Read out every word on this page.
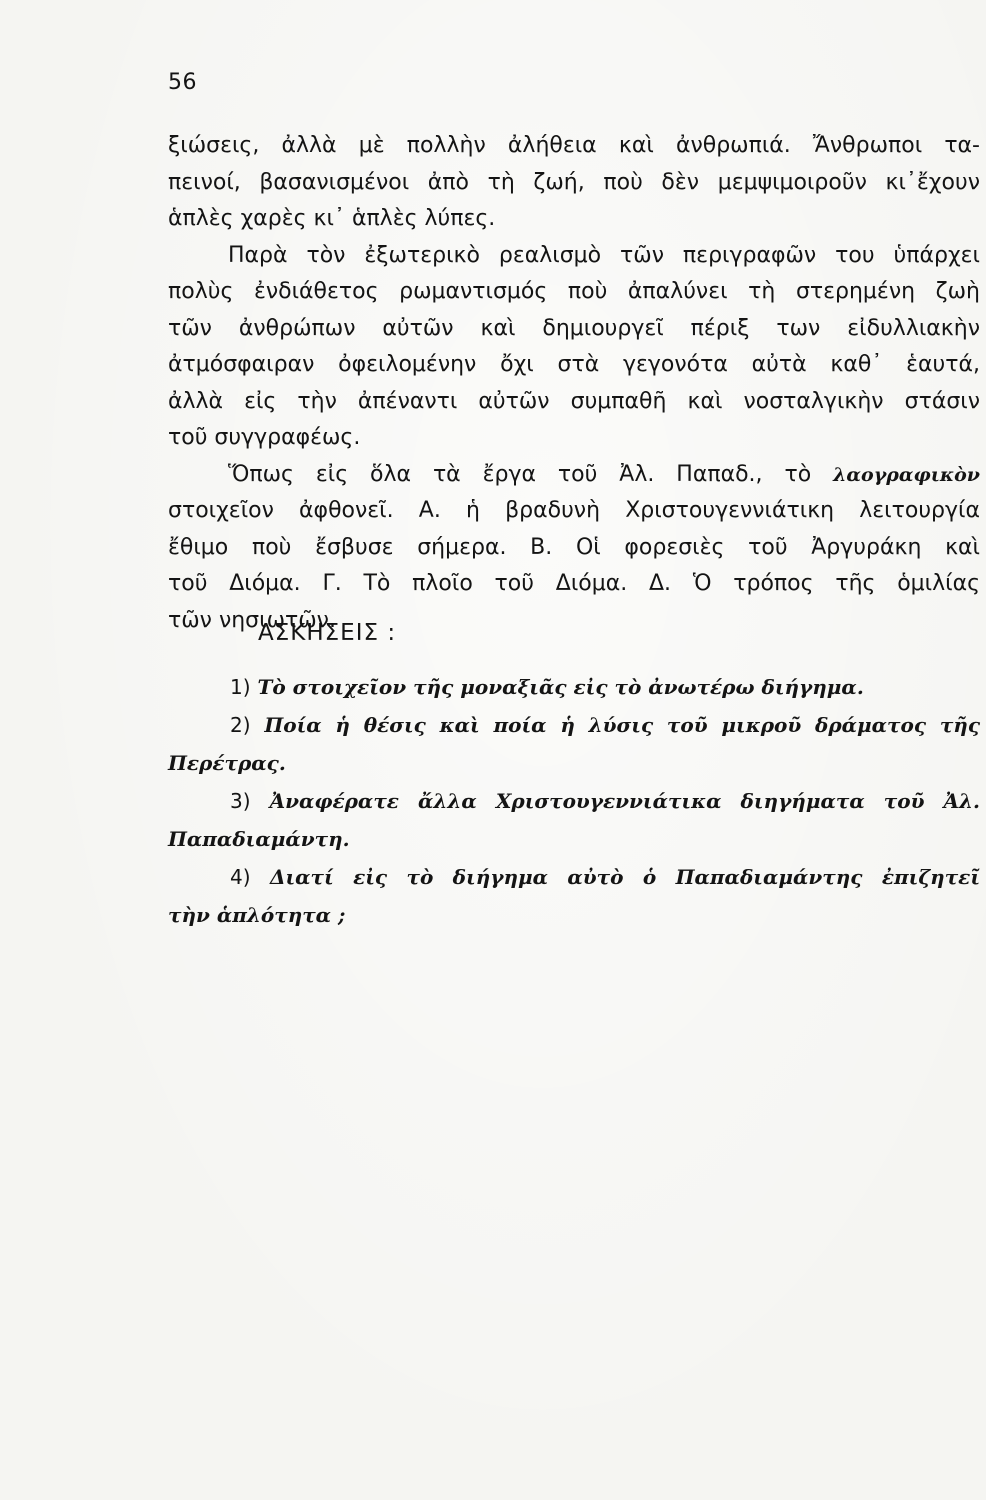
56
ξιώσεις, ἀλλὰ μὲ πολλὴν ἀλήθεια καὶ ἀνθρωπιά. Ἄνθρωποι τα-
πεινοί, βασανισμένοι ἀπὸ τὴ ζωή, ποὺ δὲν μεμψιμοιροῦν κι᾽ἔχουν
ἁπλὲς χαρὲς κι᾽ ἁπλὲς λύπες.
Παρὰ τὸν ἐξωτερικὸ ρεαλισμὸ τῶν περιγραφῶν του ὑπάρχει
πολὺς ἐνδιάθετος ρωμαντισμός ποὺ ἀπαλύνει τὴ στερημένη ζωὴ
τῶν ἀνθρώπων αὐτῶν καὶ δημιουργεῖ πέριξ των εἰδυλλιακὴν
ἀτμόσφαιραν ὀφειλομένην ὄχι στὰ γεγονότα αὐτὰ καθ᾽ ἑαυτά,
ἀλλὰ εἰς τὴν ἀπέναντι αὐτῶν συμπαθῆ καὶ νοσταλγικὴν στάσιν
τοῦ συγγραφέως.
Ὅπως εἰς ὅλα τὰ ἔργα τοῦ Ἀλ. Παπαδ., τὸ λαογραφικὸν
στοιχεῖον ἀφθονεῖ. Α. ἡ βραδυνὴ Χριστουγεννιάτικη λειτουργία
ἔθιμο ποὺ ἔσβυσε σήμερα. Β. Οἱ φορεσιὲς τοῦ Ἀργυράκη καὶ
τοῦ Διόμα. Γ. Τὸ πλοῖο τοῦ Διόμα. Δ. Ὁ τρόπος τῆς ὁμιλίας
τῶν νησιωτῶν.
ΑΣΚΗΣΕΙΣ :
1) Τὸ στοιχεῖον τῆς μοναξιᾶς εἰς τὸ ἀνωτέρω διήγημα.
2) Ποία ἡ θέσις καὶ ποία ἡ λύσις τοῦ μικροῦ δράματος τῆς
Περέτρας.
3) Ἀναφέρατε ἄλλα Χριστουγεννιάτικα διηγήματα τοῦ Ἀλ.
Παπαδιαμάντη.
4) Διατί εἰς τὸ διήγημα αὐτὸ ὁ Παπαδιαμάντης ἐπιζητεῖ
τὴν ἁπλότητα ;
